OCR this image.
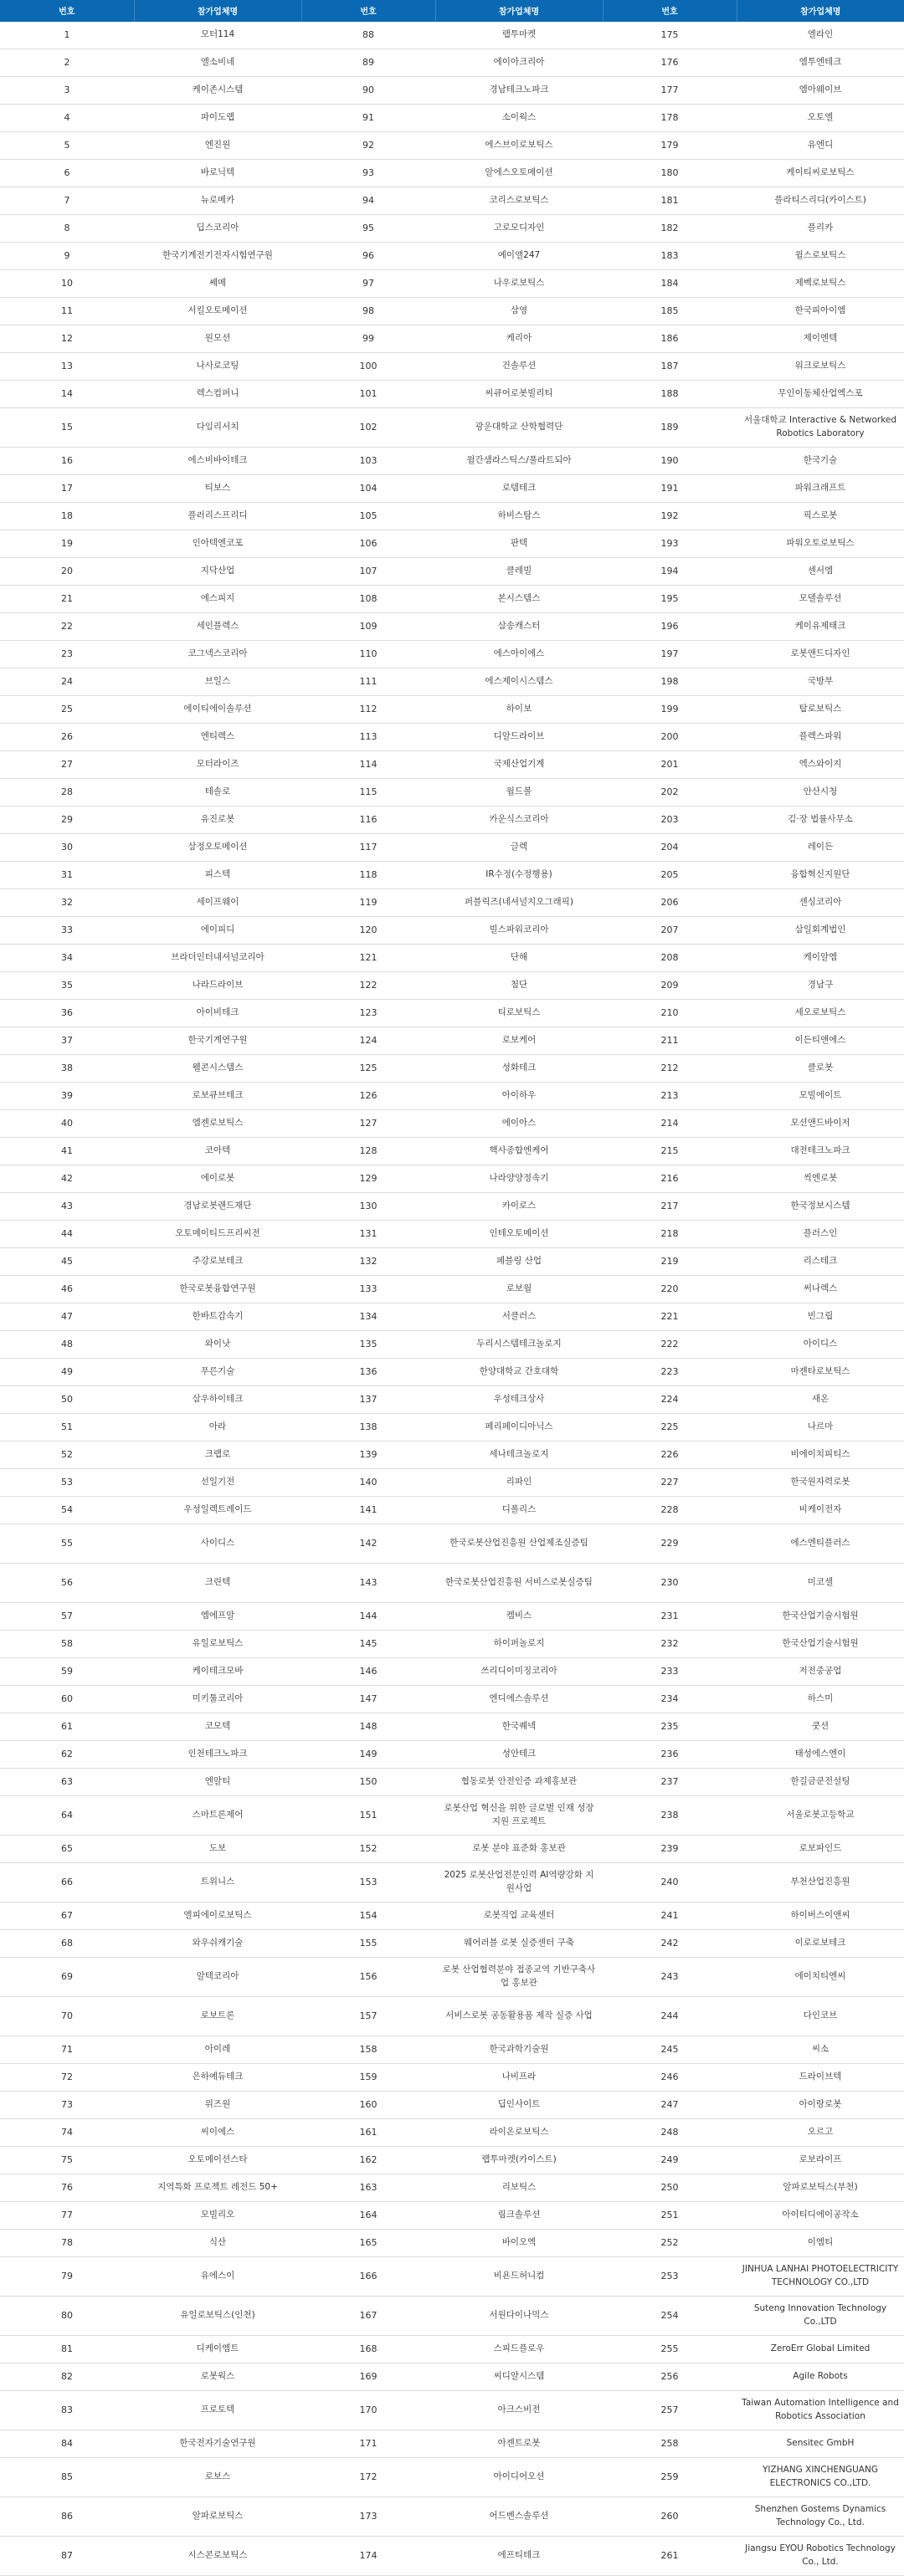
번호	참가업체명	번호	참가업체명	번호	참가업체명
1	모터114	88	랩투마켓	175	엘라인
2	엘소비네	89	에이아크리아	176	엠투엔테크
3	케이존시스템	90	경남테크노파크	177	엠아웨이브
4	파이도랩	91	소이웍스	178	오토엘
5	엔진원	92	에스브이로보틱스	179	유엔디
6	바로닉텍	93	알에스오토메이션	180	케이티씨로보틱스
7	뉴로메카	94	코리스로보틱스	181	플라티스리디(카이스트)
8	딥스코리아	95	고로모디자인	182	플리카
9	한국기계전기전자시험연구원	96	예이앨247	183	윌스로보틱스
10	쎄메	97	나우로보틱스	184	제벡로보틱스
11	서킬오토메이션	98	삼영	185	한국피아이엠
12	원모션	99	케리아	186	제이엔텍
13	나사로코팅	100	건솔루션	187	워크로보틱스
14	렉스컴퍼니	101	씨큐어로봇빌리티	188	무인이동체산업엑스포
15	다임리서치	102	광운대학교 산학협력단	189	서울대학교 Interactive & Networked Robotics Laboratory
16	에스비바이테크	103	윌간샘라스틱스/풀라트되아	190	한국기술
17	티보스	104	로템테크	191	파워크래프트
18	플러리스프리디	105	하비스탐스	192	픽스로봇
19	인아텍엔코포	106	판텍	193	파워오토로보틱스
20	지닥산업	107	클레빌	194	센서엠
21	에스피지	108	본시스템스	195	모델솔루션
22	세인플렉스	109	삼송캐스터	196	케이유제태크
23	코그넥스코리아	110	에스아이에스	197	로봇앤드디자인
24	브일스	111	에스제이시스템스	198	국방부
25	에이티에이솔루션	112	하이보	199	탑로보틱스
26	엔티렉스	113	디알드라이브	200	플렉스파워
27	모터라이즈	114	국제산업기계	201	엑스와이지
28	테솔로	115	월드볼	202	안산시청
29	유진로봇	116	카운식스코리아	203	김·장 법률사무소
30	삼정오토메이션	117	글렉	204	레이든
31	피스텍	118	IR수정(수정행용)	205	융합혁신지원단
32	세이프웨이	119	퍼블릭즈(네셔널지오그래픽)	206	센싱코리아
33	에이피디	120	빌스파워코리아	207	삼일회계법인
34	브라더인터내셔널코리아	121	단해	208	케이알엠
35	나라드라이브	122	첨단	209	경남구
36	아이비테크	123	티로보틱스	210	세오로보틱스
37	한국기계연구원	124	로보케어	211	이든티앤에스
38	웰콘시스템스	125	성화테크	212	클로봇
39	로보큐브테크	126	아이하우	213	모빌에이트
40	엠젠로보틱스	127	에이아스	214	모션앤드바이저
41	코아텍	128	핵사종합엔케어	215	대전테크노파크
42	에이로봇	129	나라양양정속기	216	씩엔로봇
43	경남로봇랜드재단	130	카이로스	217	한국정보시스템
44	오토메이티드프리씨전	131	인테오토메이션	218	플러스인
45	주강로보테크	132	페블링 산업	219	리스테크
46	한국로봇융합연구원	133	로보월	220	써나렉스
47	한바트감속기	134	서클러스	221	빈그립
48	와이낫	135	두리시스템테크놀로지	222	아이디스
49	푸른기술	136	한양대학교 간호대학	223	마젠타로보틱스
50	삼우하이테크	137	우성테크상사	224	새온
51	아라	138	페리페이디아닉스	225	나르마
52	크랩로	139	세나테크놀로지	226	비에이치피티스
53	선일기전	140	리파인	227	한국원자력로봇
54	우성일렉트레이드	141	디폴리스	228	비케이전자
55	사이디스	142	한국로봇산업진흥원 산업제조실증팀	229	에스엔티플러스
56	크린텍	143	한국로봇산업진흥원 서비스로봇실증팀	230	미코셀
57	엠에프알	144	켐비스	231	한국산업기술시험원
58	유일로보틱스	145	하이퍼놀로지	232	한국산업기술시험원
59	케이테크모바	146	쓰리디이미징코리아	233	저전중공업
60	미키툴코리아	147	엔디에스솔루션	234	하스미
61	코모텍	148	한국퀘넥	235	쿳션
62	인천테크노파크	149	성안테크	236	태성에스엔이
63	엔알티	150	협동로봇 안전인증 과제홍보관	237	한길금쿤전설팅
64	스마트론제어	151	로봇산업 혁신을 위한 글로벌 인재 성장지원 프로젝트	238	서울로봇고등학교
65	도보	152	로봇 분야 표준화 홍보관	239	로보파인드
66	트위니스	153	2025 로봇산업전문인력 AI역량강화 지원사업	240	부천산업진흥원
67	엘피에이로보틱스	154	로봇직업 교육센터	241	하이버스이앤씨
68	와우쉬캐기술	155	웨어러블 로봇 실증센터 구축	242	이로로보테크
69	알텍코리아	156	로봇 산업협력분야 접종교역 기반구축사업 홍보관	243	에이치티엔씨
70	로보트론	157	서비스로봇 공동활용품 제작 실증 사업	244	다인코브
71	아이레	158	한국과학기술원	245	씨소
72	은하예듀테크	159	나비프라	246	드라이브텍
73	위즈원	160	딥인사이트	247	아이랑로봇
74	씨이에스	161	라이온로보틱스	248	오르고
75	오토메이션스타	162	랩투마켓(카이스트)	249	로보라이프
76	지역특화 프로젝트 레전드 50+	163	리보틱스	250	알파로보틱스(부천)
77	모빌리오	164	림크솔루션	251	아이티디에이공작소
78	식산	165	바이오엑	252	이엠티
79	유에스이	166	비욘드허니컴	253	JINHUA LANHAI PHOTOELECTRICITY TECHNOLOGY CO.,LTD
80	유일로보틱스(인천)	167	서원다이나믹스	254	Suteng Innovation Technology Co.,LTD
81	디케이엠트	168	스피드플로우	255	ZeroErr Global Limited
82	로봇웍스	169	씨디알시스템	256	Agile Robots
83	프로토텍	170	아크스비전	257	Taiwan Automation Intelligence and Robotics Association
84	한국전자기술연구원	171	아젠트로봇	258	Sensitec GmbH
85	로보스	172	아이디어오션	259	YIZHANG XINCHENGUANG ELECTRONICS CO.,LTD.
86	알파로보틱스	173	어드벤스솔루션	260	Shenzhen Gostems Dynamics Technology Co., Ltd.
87	시스콘로보틱스	174	에프티테크	261	Jiangsu EYOU Robotics Technology Co., Ltd.
